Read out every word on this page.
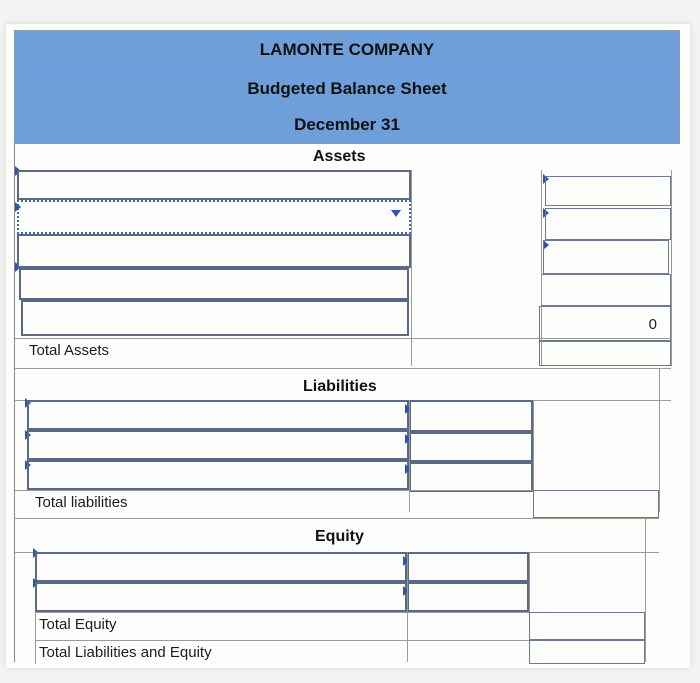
LAMONTE COMPANY
Budgeted Balance Sheet
December 31
Assets
0
Total Assets
Liabilities
Total liabilities
Equity
Total Equity
Total Liabilities and Equity
